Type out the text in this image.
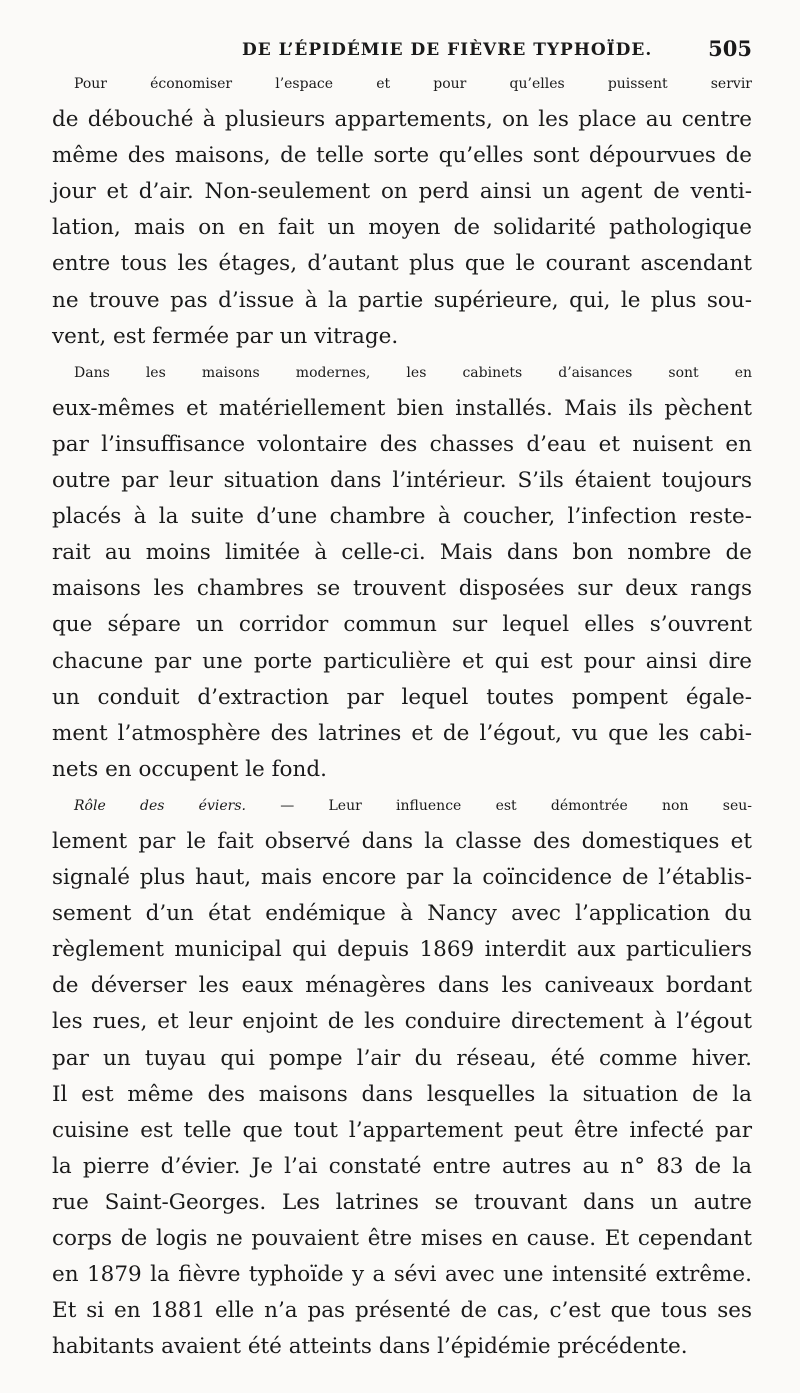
DE L’ÉPIDÉMIE DE FIÈVRE TYPHOÏDE.	505
Pour économiser l’espace et pour qu’elles puissent servir
de débouché à plusieurs appartements, on les place au centre
même des maisons, de telle sorte qu’elles sont dépourvues de
jour et d’air. Non-seulement on perd ainsi un agent de venti-
lation, mais on en fait un moyen de solidarité pathologique
entre tous les étages, d’autant plus que le courant ascendant
ne trouve pas d’issue à la partie supérieure, qui, le plus sou-
vent, est fermée par un vitrage.
Dans les maisons modernes, les cabinets d’aisances sont en
eux-mêmes et matériellement bien installés. Mais ils pèchent
par l’insuffisance volontaire des chasses d’eau et nuisent en
outre par leur situation dans l’intérieur. S’ils étaient toujours
placés à la suite d’une chambre à coucher, l’infection reste-
rait au moins limitée à celle-ci. Mais dans bon nombre de
maisons les chambres se trouvent disposées sur deux rangs
que sépare un corridor commun sur lequel elles s’ouvrent
chacune par une porte particulière et qui est pour ainsi dire
un conduit d’extraction par lequel toutes pompent égale-
ment l’atmosphère des latrines et de l’égout, vu que les cabi-
nets en occupent le fond.
Rôle des éviers. — Leur influence est démontrée non seu-
lement par le fait observé dans la classe des domestiques et
signalé plus haut, mais encore par la coïncidence de l’établis-
sement d’un état endémique à Nancy avec l’application du
règlement municipal qui depuis 1869 interdit aux particuliers
de déverser les eaux ménagères dans les caniveaux bordant
les rues, et leur enjoint de les conduire directement à l’égout
par un tuyau qui pompe l’air du réseau, été comme hiver.
Il est même des maisons dans lesquelles la situation de la
cuisine est telle que tout l’appartement peut être infecté par
la pierre d’évier. Je l’ai constaté entre autres au n° 83 de la
rue Saint-Georges. Les latrines se trouvant dans un autre
corps de logis ne pouvaient être mises en cause. Et cependant
en 1879 la fièvre typhoïde y a sévi avec une intensité extrême.
Et si en 1881 elle n’a pas présenté de cas, c’est que tous ses
habitants avaient été atteints dans l’épidémie précédente.
